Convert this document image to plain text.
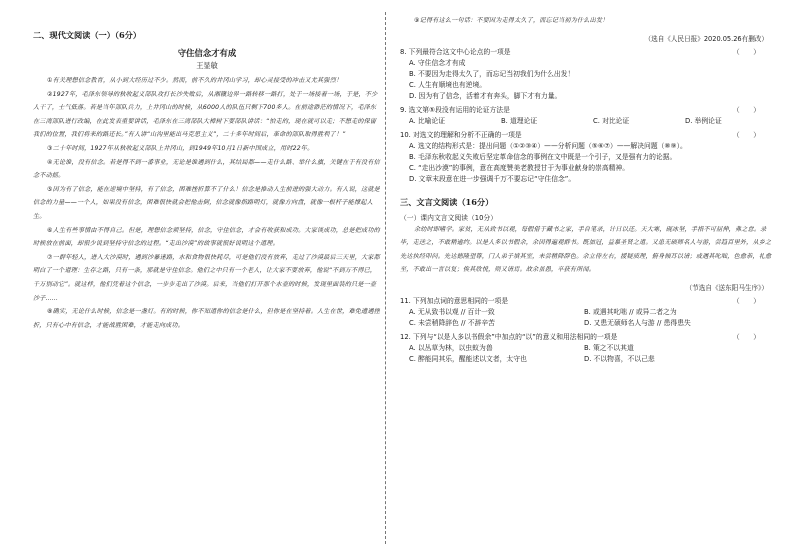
二、现代文阅读（一）（6分）
守住信念才有成
王显敏

①有关理想信念教育，从小到大经历过不少。然而，前不久的井冈山学习，却心灵接受的冲击又尤其强烈！

②1927年，毛泽东领导的秋收起义部队攻打长沙失败后，从湘赣边界一路转移一路打，处于一场接着一场，于是，不少人干了，士气低落。若是当年部队兵力，上井冈山的时候，从6000人的队伍只剩下700多人。在前途渺茫的情况下，毛泽东在三湾部队进行改编，在此发表重要讲话，毛泽东在三湾部队大樟树下要部队讲话：“怕走的，现在就可以走；不想走的保留我们的位置，我们将来的路还长。”有人讲“山沟里能出马克思主义”，二十多年时间后，革命的部队取得胜利了！”

③二十年时间，1927年从秋收起义部队上井冈山，到1949年10月1日新中国成立，用时22年。

④无论谁，没有信念。若是得不到一番事业，无论是谁遇到什么，其结局都——走什么路、举什么旗，关键在于有没有信念不动摇。

⑤因为有了信念，能在逆境中坚持，有了信念，困难挫折算不了什么！信念是推动人生前进的强大动力。有人说，这就是信念的力量——一个人，如果没有信念，困难很快就会把他击倒，信念就像指路明灯，就像方向盘，就像一根杆子能撑起人生。

⑥人生有些事情由不得自己。但是，理想信念须坚持，信念，守住信念，才会有收获和成功。大家谈成功，总是把成功的时候放在前面，却很少说到坚持守信念的过程。“走出沙漠”的故事就很好说明这个道理。

⑦一群年轻人，进入大沙漠时，遇到沙暴迷路，水和食物很快耗尽，可是他们没有放弃，走过了沙漠最后三天里，大家都明白了一个道理：生存之路，只有一条，那就是守住信念。他们之中只有一个老人，让大家不要放弃，他说“不到万不得已，千万别动它”。就这样，他们凭着这个信念，一步步走出了沙漠。后来，当他们打开那个水壶的时候，发现里面装的只是一壶沙子……

⑧确实，无论什么时候，信念是一盏灯。有的时候，你不知道你的信念是什么，但你是在坚持着。人生在世，难免遭遇挫折，只有心中有信念，才能战胜困难，才能走向成功。

⑨记得有这么一句话：不要因为走得太久了，而忘记当初为什么出发！

（选自《人民日报》2020.05.26有删改）
8. 下列最符合这文中心论点的一项是	（　　）
A. 守住信念才有成
B. 不要因为走得太久了，而忘记当初我们为什么出发！
C. 人生有顺境也有逆境。
D. 因为有了信念，活着才有奔头，脚下才有力量。
9. 选文第⑤段没有运用的论证方法是	（　　）
A. 比喻论证	B. 道理论证	C. 对比论证	D. 举例论证
10. 对选文的理解和分析不正确的一项是	（　　）
A. 选文的结构形式是：提出问题（①②③④）——分析问题（⑤⑥⑦）——解决问题（⑧⑨）。
B. 毛泽东秋收起义失败后坚定革命信念的事例在文中既是一个引子，又是强有力的论据。
C. “走出沙漠”的事例，意在高度赞美老教授甘于为事业献身的崇高精神。
D. 文章末段意在进一步强调千万不要忘记“守住信念”。
三、文言文阅读（16分）
（一）课内文言文阅读（10分）

余幼时即嗜学。家贫，无从致书以观，每假借于藏书之家，手自笔录，计日以还。天大寒，砚冰坚，手指不可屈伸，弗之怠。录毕，走送之，不敢稍逾约。以是人多以书假余，余因得遍观群书。既加冠，益慕圣贤之道。又患无硕师名人与游，尝趋百里外，从乡之先达执经叩问。先达德隆望尊，门人弟子填其室，未尝稍降辞色。余立侍左右，援疑质理，俯身倾耳以请；或遇其叱咄，色愈恭，礼愈至，不敢出一言以复；俟其欣悦，则又请焉。故余虽愚，卒获有所闻。

（节选自《送东阳马生序》）
11. 下列加点词的意思相同的一项是	（　　）
A. 无从致书以观 // 百计一致	B. 或遇其叱咄 // 或异二者之为
C. 未尝稍降辞色 // 不辞辛苦	D. 又患无硕师名人与游 // 患得患失
12. 下列与“以是人多以书假余”中加点的“以”的意义和用法相同的一项是	（　　）
A. 以丛草为林，以虫蚁为兽	B. 策之不以其道
C. 醉能同其乐，醒能述以文者，太守也	D. 不以物喜，不以己悲
